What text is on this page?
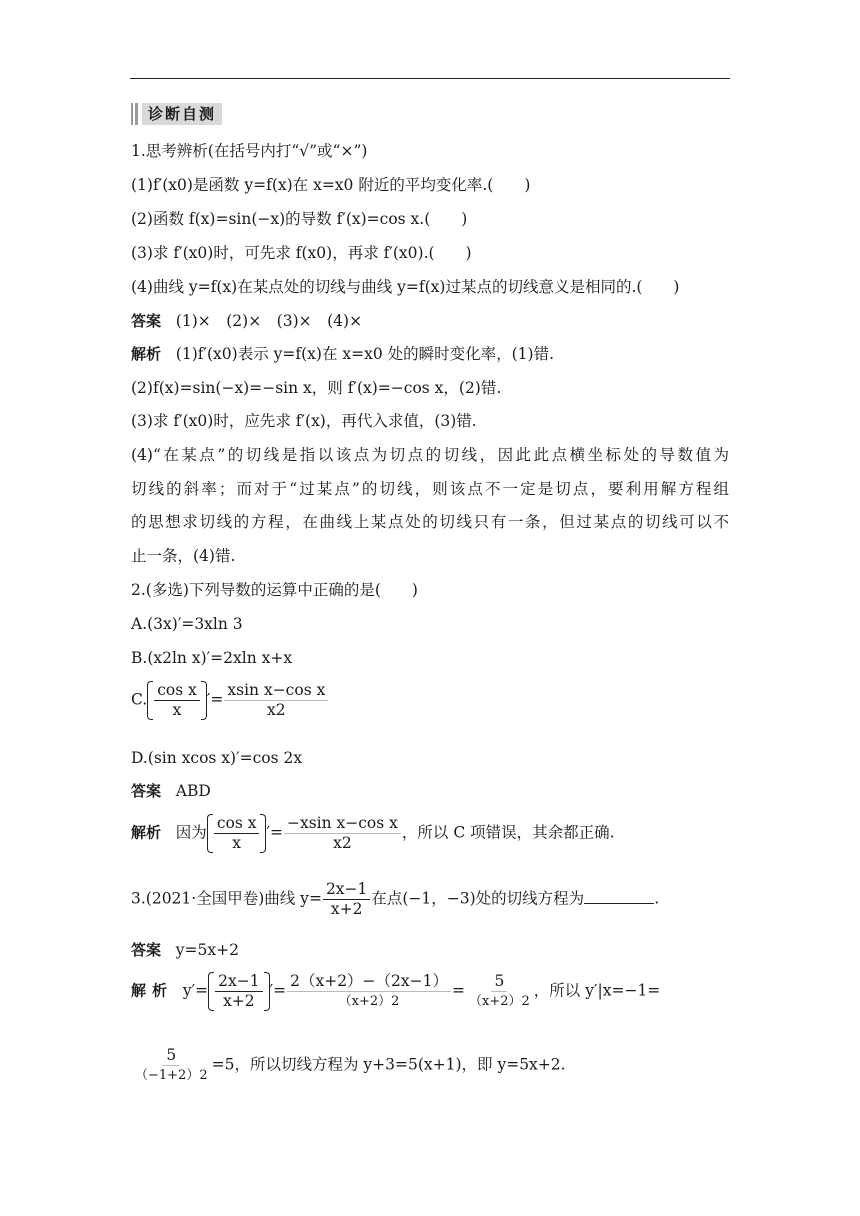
诊断自测
1.思考辨析(在括号内打“√”或“×”)
(1)f′(x0)是函数 y=f(x)在 x=x0 附近的平均变化率.(　　)
(2)函数 f(x)=sin(−x)的导数 f′(x)=cos x.(　　)
(3)求 f′(x0)时，可先求 f(x0)，再求 f′(x0).(　　)
(4)曲线 y=f(x)在某点处的切线与曲线 y=f(x)过某点的切线意义是相同的.(　　)
答案 (1)×　(2)×　(3)×　(4)×
解析 (1)f′(x0)表示 y=f(x)在 x=x0 处的瞬时变化率，(1)错.
(2)f(x)=sin(−x)=−sin x，则 f′(x)=−cos x，(2)错.
(3)求 f′(x0)时，应先求 f′(x)，再代入求值，(3)错.
(4)“在某点”的切线是指以该点为切点的切线，因此此点横坐标处的导数值为
切线的斜率；而对于“过某点”的切线，则该点不一定是切点，要利用解方程组
的思想求切线的方程，在曲线上某点处的切线只有一条，但过某点的切线可以不
止一条，(4)错.
2.(多选)下列导数的运算中正确的是(　　)
A.(3x)′=3xln 3
B.(x2ln x)′=2xln x+x
C. $\frac{\text{cos x}}{x}$ ′= $\frac{\text{xsin x−cos x}}{x2}$
D.(sin xcos x)′=cos 2x
答案 ABD
解析 因为 $\frac{\text{cos x}}{x}$ ′= $\frac{\text{−xsin x−cos x}}{x2}$ ，所以 C 项错误，其余都正确.
3.(2021·全国甲卷)曲线 $y= \frac{2x-1}{x+2}$ 在点(−1，−3)处的切线方程为	.
答案 y=5x+2
解析 $y'= \frac{2x-1}{x+2}$ ′= $\frac{2(x+2)-(2x-1)}{(x+2)2} = \frac{5}{(x+2)2}$ ，所以 y′|x=−1=
$\frac{5}{(-1+2)2} =5$，所以切线方程为 y+3=5(x+1)，即 y=5x+2.
